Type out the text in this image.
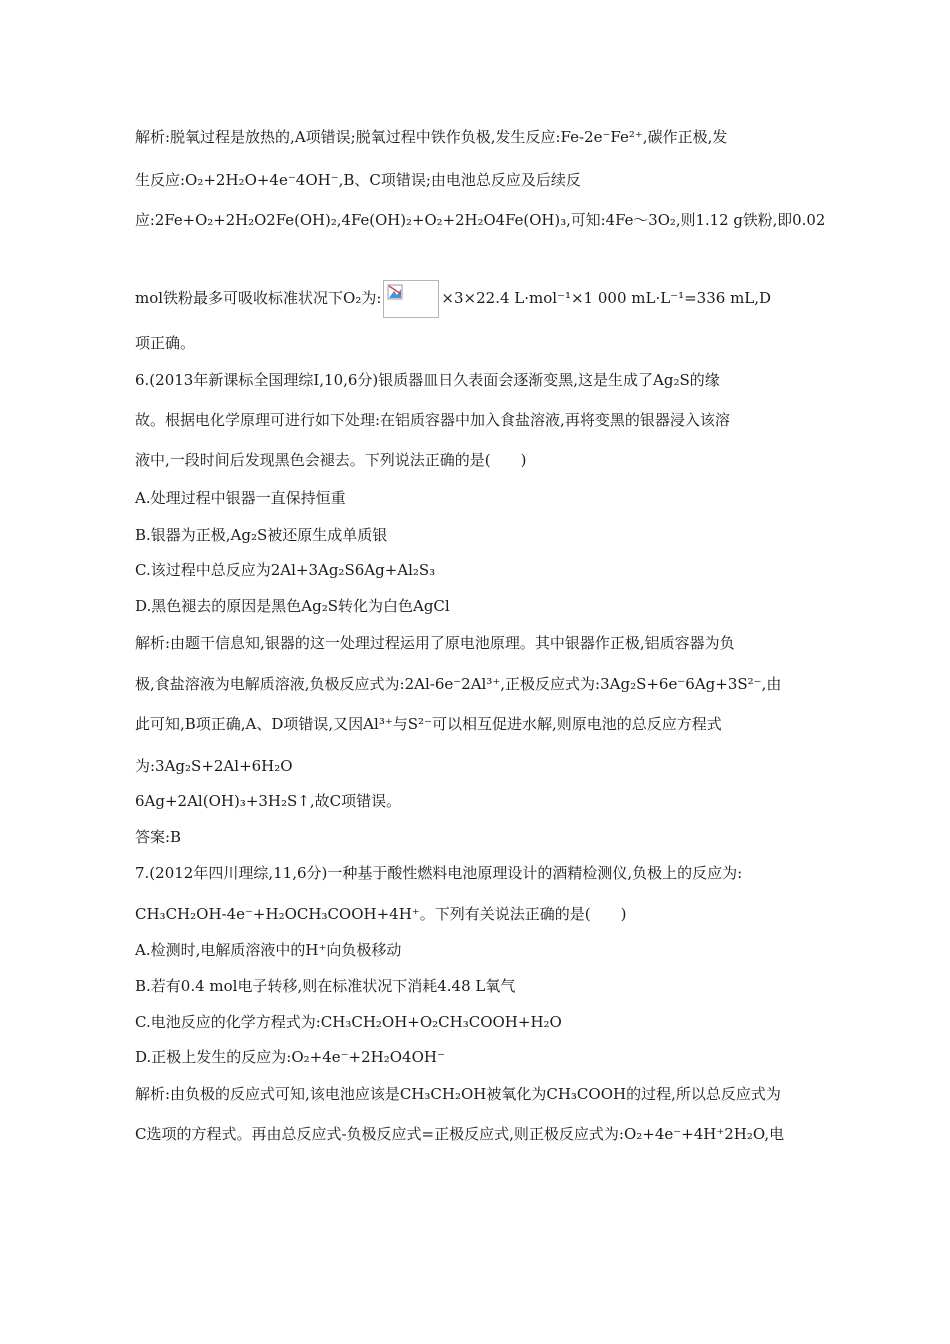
解析:脱氧过程是放热的,A项错误;脱氧过程中铁作负极,发生反应:Fe-2e⁻Fe²⁺,碳作正极,发
生反应:O₂+2H₂O+4e⁻4OH⁻,B、C项错误;由电池总反应及后续反
应:2Fe+O₂+2H₂O2Fe(OH)₂,4Fe(OH)₂+O₂+2H₂O4Fe(OH)₃,可知:4Fe～3O₂,则1.12 g铁粉,即0.02
mol铁粉最多可吸收标准状况下O₂为:	×3×22.4 L·mol⁻¹×1 000 mL·L⁻¹=336 mL,D
项正确。
6.(2013年新课标全国理综Ⅰ,10,6分)银质器皿日久表面会逐渐变黑,这是生成了Ag₂S的缘
故。根据电化学原理可进行如下处理:在铝质容器中加入食盐溶液,再将变黑的银器浸入该溶
液中,一段时间后发现黑色会褪去。下列说法正确的是(　　)
A.处理过程中银器一直保持恒重
B.银器为正极,Ag₂S被还原生成单质银
C.该过程中总反应为2Al+3Ag₂S6Ag+Al₂S₃
D.黑色褪去的原因是黑色Ag₂S转化为白色AgCl
解析:由题干信息知,银器的这一处理过程运用了原电池原理。其中银器作正极,铝质容器为负
极,食盐溶液为电解质溶液,负极反应式为:2Al-6e⁻2Al³⁺,正极反应式为:3Ag₂S+6e⁻6Ag+3S²⁻,由
此可知,B项正确,A、D项错误,又因Al³⁺与S²⁻可以相互促进水解,则原电池的总反应方程式
为:3Ag₂S+2Al+6H₂O
6Ag+2Al(OH)₃+3H₂S↑,故C项错误。
答案:B
7.(2012年四川理综,11,6分)一种基于酸性燃料电池原理设计的酒精检测仪,负极上的反应为:
CH₃CH₂OH-4e⁻+H₂OCH₃COOH+4H⁺。下列有关说法正确的是(　　)
A.检测时,电解质溶液中的H⁺向负极移动
B.若有0.4 mol电子转移,则在标准状况下消耗4.48 L氧气
C.电池反应的化学方程式为:CH₃CH₂OH+O₂CH₃COOH+H₂O
D.正极上发生的反应为:O₂+4e⁻+2H₂O4OH⁻
解析:由负极的反应式可知,该电池应该是CH₃CH₂OH被氧化为CH₃COOH的过程,所以总反应式为
C选项的方程式。再由总反应式-负极反应式=正极反应式,则正极反应式为:O₂+4e⁻+4H⁺2H₂O,电
